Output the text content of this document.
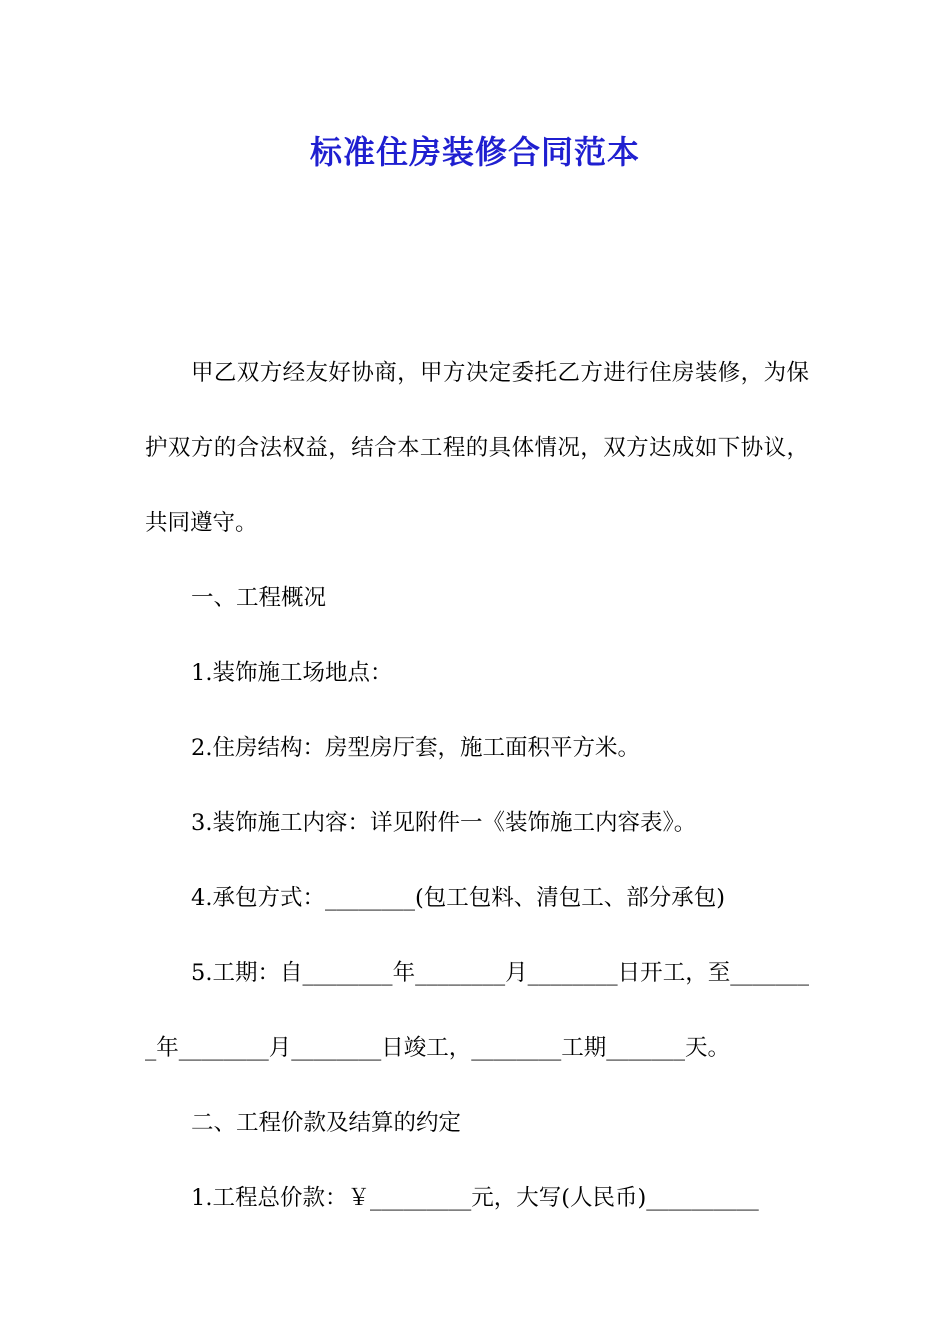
标准住房装修合同范本

甲乙双方经友好协商，甲方决定委托乙方进行住房装修，为保护双方的合法权益，结合本工程的具体情况，双方达成如下协议，共同遵守。

一、工程概况

1.装饰施工场地点：

2.住房结构：房型房厅套，施工面积平方米。

3.装饰施工内容：详见附件一《装饰施工内容表》。

4.承包方式：________(包工包料、清包工、部分承包)

5.工期：自________年________月________日开工，至________年________月________日竣工，________工期_______天。

二、工程价款及结算的约定

1.工程总价款：￥_________元，大写(人民币)__________
